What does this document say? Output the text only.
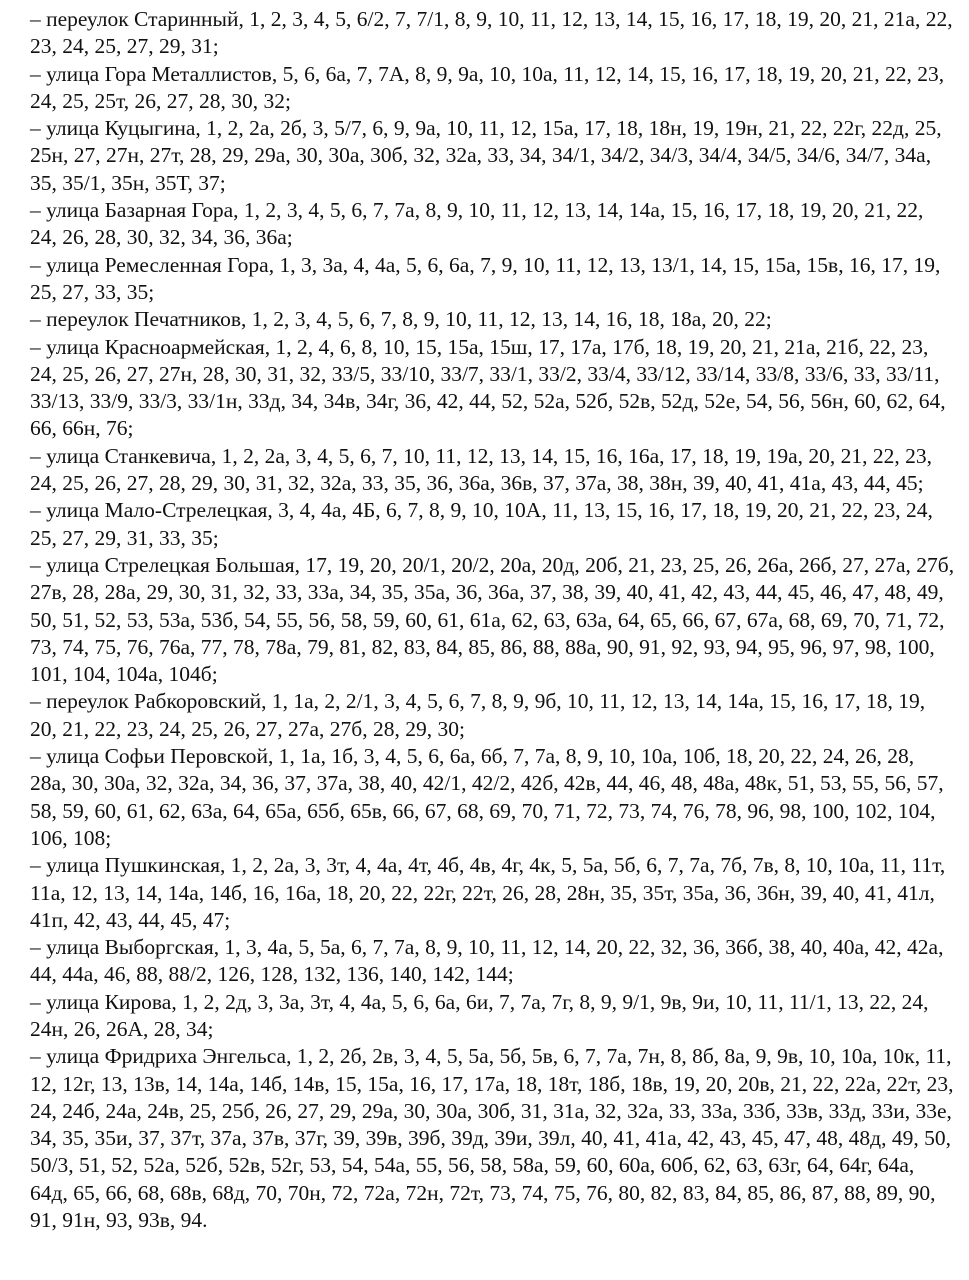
– переулок Старинный, 1, 2, 3, 4, 5, 6/2, 7, 7/1, 8, 9, 10, 11, 12, 13, 14, 15, 16, 17, 18, 19, 20, 21, 21а, 22, 23, 24, 25, 27, 29, 31;

– улица Гора Металлистов, 5, 6, 6а, 7, 7А, 8, 9, 9а, 10, 10а, 11, 12, 14, 15, 16, 17, 18, 19, 20, 21, 22, 23, 24, 25, 25т, 26, 27, 28, 30, 32;

– улица Куцыгина, 1, 2, 2а, 2б, 3, 5/7, 6, 9, 9а, 10, 11, 12, 15а, 17, 18, 18н, 19, 19н, 21, 22, 22г, 22д, 25, 25н, 27, 27н, 27т, 28, 29, 29а, 30, 30а, 30б, 32, 32а, 33, 34, 34/1, 34/2, 34/3, 34/4, 34/5, 34/6, 34/7, 34а, 35, 35/1, 35н, 35Т, 37;

– улица Базарная Гора, 1, 2, 3, 4, 5, 6, 7, 7а, 8, 9, 10, 11, 12, 13, 14, 14а, 15, 16, 17, 18, 19, 20, 21, 22, 24, 26, 28, 30, 32, 34, 36, 36а;

– улица Ремесленная Гора, 1, 3, 3а, 4, 4а, 5, 6, 6а, 7, 9, 10, 11, 12, 13, 13/1, 14, 15, 15а, 15в, 16, 17, 19, 25, 27, 33, 35;

– переулок Печатников, 1, 2, 3, 4, 5, 6, 7, 8, 9, 10, 11, 12, 13, 14, 16, 18, 18а, 20, 22;

– улица Красноармейская, 1, 2, 4, 6, 8, 10, 15, 15а, 15ш, 17, 17а, 17б, 18, 19, 20, 21, 21а, 21б, 22, 23, 24, 25, 26, 27, 27н, 28, 30, 31, 32, 33/5, 33/10, 33/7, 33/1, 33/2, 33/4, 33/12, 33/14, 33/8, 33/6, 33, 33/11, 33/13, 33/9, 33/3, 33/1н, 33д, 34, 34в, 34г, 36, 42, 44, 52, 52а, 52б, 52в, 52д, 52е, 54, 56, 56н, 60, 62, 64, 66, 66н, 76;

– улица Станкевича, 1, 2, 2а, 3, 4, 5, 6, 7, 10, 11, 12, 13, 14, 15, 16, 16а, 17, 18, 19, 19а, 20, 21, 22, 23, 24, 25, 26, 27, 28, 29, 30, 31, 32, 32а, 33, 35, 36, 36а, 36в, 37, 37а, 38, 38н, 39, 40, 41, 41а, 43, 44, 45;

– улица Мало-Стрелецкая, 3, 4, 4а, 4Б, 6, 7, 8, 9, 10, 10А, 11, 13, 15, 16, 17, 18, 19, 20, 21, 22, 23, 24, 25, 27, 29, 31, 33, 35;

– улица Стрелецкая Большая, 17, 19, 20, 20/1, 20/2, 20а, 20д, 20б, 21, 23, 25, 26, 26а, 26б, 27, 27а, 27б, 27в, 28, 28а, 29, 30, 31, 32, 33, 33а, 34, 35, 35а, 36, 36а, 37, 38, 39, 40, 41, 42, 43, 44, 45, 46, 47, 48, 49, 50, 51, 52, 53, 53а, 53б, 54, 55, 56, 58, 59, 60, 61, 61а, 62, 63, 63а, 64, 65, 66, 67, 67а, 68, 69, 70, 71, 72, 73, 74, 75, 76, 76а, 77, 78, 78а, 79, 81, 82, 83, 84, 85, 86, 88, 88а, 90, 91, 92, 93, 94, 95, 96, 97, 98, 100, 101, 104, 104а, 104б;

– переулок Рабкоровский, 1, 1а, 2, 2/1, 3, 4, 5, 6, 7, 8, 9, 9б, 10, 11, 12, 13, 14, 14а, 15, 16, 17, 18, 19, 20, 21, 22, 23, 24, 25, 26, 27, 27а, 27б, 28, 29, 30;

– улица Софьи Перовской, 1, 1а, 1б, 3, 4, 5, 6, 6а, 6б, 7, 7а, 8, 9, 10, 10а, 10б, 18, 20, 22, 24, 26, 28, 28а, 30, 30а, 32, 32а, 34, 36, 37, 37а, 38, 40, 42/1, 42/2, 42б, 42в, 44, 46, 48, 48а, 48к, 51, 53, 55, 56, 57, 58, 59, 60, 61, 62, 63а, 64, 65а, 65б, 65в, 66, 67, 68, 69, 70, 71, 72, 73, 74, 76, 78, 96, 98, 100, 102, 104, 106, 108;

– улица Пушкинская, 1, 2, 2а, 3, 3т, 4, 4а, 4т, 4б, 4в, 4г, 4к, 5, 5а, 5б, 6, 7, 7а, 7б, 7в, 8, 10, 10а, 11, 11т, 11а, 12, 13, 14, 14а, 14б, 16, 16а, 18, 20, 22, 22г, 22т, 26, 28, 28н, 35, 35т, 35а, 36, 36н, 39, 40, 41, 41л, 41п, 42, 43, 44, 45, 47;

– улица Выборгская, 1, 3, 4а, 5, 5а, 6, 7, 7а, 8, 9, 10, 11, 12, 14, 20, 22, 32, 36, 36б, 38, 40, 40а, 42, 42а, 44, 44а, 46, 88, 88/2, 126, 128, 132, 136, 140, 142, 144;

– улица Кирова, 1, 2, 2д, 3, 3а, 3т, 4, 4а, 5, 6, 6а, 6и, 7, 7а, 7г, 8, 9, 9/1, 9в, 9и, 10, 11, 11/1, 13, 22, 24, 24н, 26, 26А, 28, 34;

– улица Фридриха Энгельса, 1, 2, 2б, 2в, 3, 4, 5, 5а, 5б, 5в, 6, 7, 7а, 7н, 8, 8б, 8а, 9, 9в, 10, 10а, 10к, 11, 12, 12г, 13, 13в, 14, 14а, 14б, 14в, 15, 15а, 16, 17, 17а, 18, 18т, 18б, 18в, 19, 20, 20в, 21, 22, 22а, 22т, 23, 24, 24б, 24а, 24в, 25, 25б, 26, 27, 29, 29а, 30, 30а, 30б, 31, 31а, 32, 32а, 33, 33а, 33б, 33в, 33д, 33и, 33е, 34, 35, 35и, 37, 37т, 37а, 37в, 37г, 39, 39в, 39б, 39д, 39и, 39л, 40, 41, 41а, 42, 43, 45, 47, 48, 48д, 49, 50, 50/3, 51, 52, 52а, 52б, 52в, 52г, 53, 54, 54а, 55, 56, 58, 58а, 59, 60, 60а, 60б, 62, 63, 63г, 64, 64г, 64а, 64д, 65, 66, 68, 68в, 68д, 70, 70н, 72, 72а, 72н, 72т, 73, 74, 75, 76, 80, 82, 83, 84, 85, 86, 87, 88, 89, 90, 91, 91н, 93, 93в, 94.
